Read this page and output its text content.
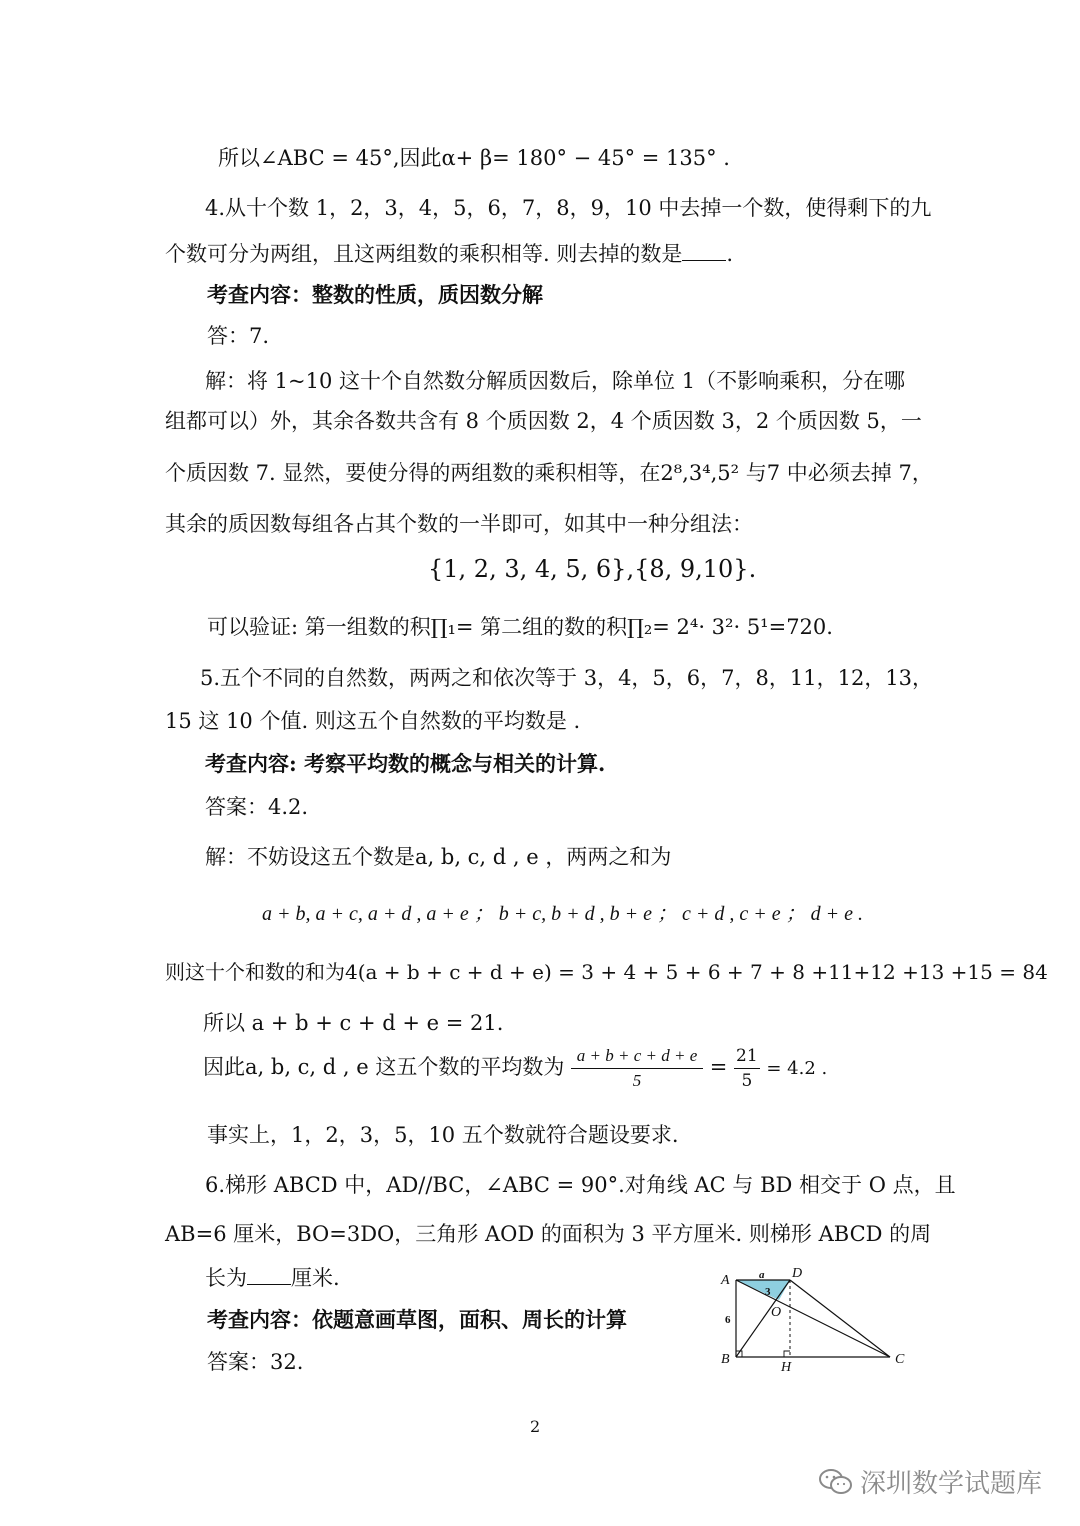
所以∠ABC = 45°,因此α+ β= 180° − 45° = 135° .
4.从十个数 1，2，3，4，5，6，7，8，9，10 中去掉一个数，使得剩下的九
个数可分为两组，且这两组数的乘积相等. 则去掉的数是 .
考查内容：整数的性质，质因数分解
答：7.
解：将 1~10 这十个自然数分解质因数后，除单位 1（不影响乘积，分在哪
组都可以）外，其余各数共含有 8 个质因数 2，4 个质因数 3，2 个质因数 5，一
个质因数 7. 显然，要使分得的两组数的乘积相等，在2⁸,3⁴,5² 与7 中必须去掉 7，
其余的质因数每组各占其个数的一半即可，如其中一种分组法：
{1, 2, 3, 4, 5, 6},{8, 9,10}.
可以验证: 第一组数的积∏₁= 第二组的数的积∏₂= 2⁴· 3²· 5¹=720.
5.五个不同的自然数，两两之和依次等于 3，4，5，6，7，8，11，12，13，
15 这 10 个值. 则这五个自然数的平均数是 .
考查内容: 考察平均数的概念与相关的计算.
答案：4.2.
解：不妨设这五个数是a, b, c, d , e ，两两之和为
a + b, a + c, a + d , a + e ； b + c, b + d , b + e ； c + d , c + e ； d + e .
则这十个和数的和为4(a + b + c + d + e) = 3 + 4 + 5 + 6 + 7 + 8 +11+12 +13 +15 = 84
所以 a + b + c + d + e = 21.
因此a, b, c, d , e 这五个数的平均数为 $\frac{a + b + c + d + e}{5} = \frac{21}{5} = 4.2$ .
事实上，1，2，3，5，10 五个数就符合题设要求.
6.梯形 ABCD 中，AD//BC，∠ABC = 90°.对角线 AC 与 BD 相交于 O 点，且
AB=6 厘米，BO=3DO，三角形 AOD 的面积为 3 平方厘米. 则梯形 ABCD 的周
长为 厘米.
考查内容：依题意画草图，面积、周长的计算
答案：32.
A	D
B	C
O
H
a
3
6
2
深圳数学试题库
